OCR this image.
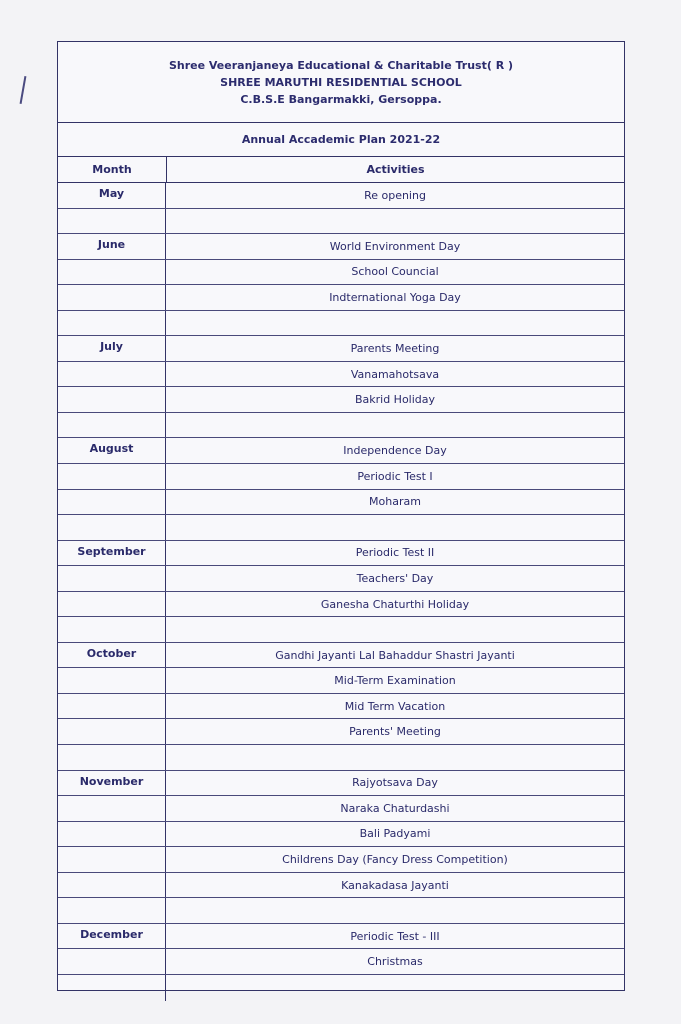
Shree Veeranjaneya Educational & Charitable Trust( R )
SHREE MARUTHI RESIDENTIAL SCHOOL
C.B.S.E Bangarmakki, Gersoppa.
Annual Accademic Plan 2021-22
Month	Activities
May	Re opening
June	World Environment Day
School Councial
Indternational Yoga Day
July	Parents Meeting
Vanamahotsava
Bakrid Holiday
August	Independence Day
Periodic Test I
Moharam
September	Periodic Test II
Teachers' Day
Ganesha Chaturthi Holiday
October	Gandhi Jayanti Lal Bahaddur Shastri Jayanti
Mid-Term Examination
Mid Term Vacation
Parents' Meeting
November	Rajyotsava Day
Naraka Chaturdashi
Bali Padyami
Childrens Day (Fancy Dress Competition)
Kanakadasa Jayanti
December	Periodic Test - III
Christmas
